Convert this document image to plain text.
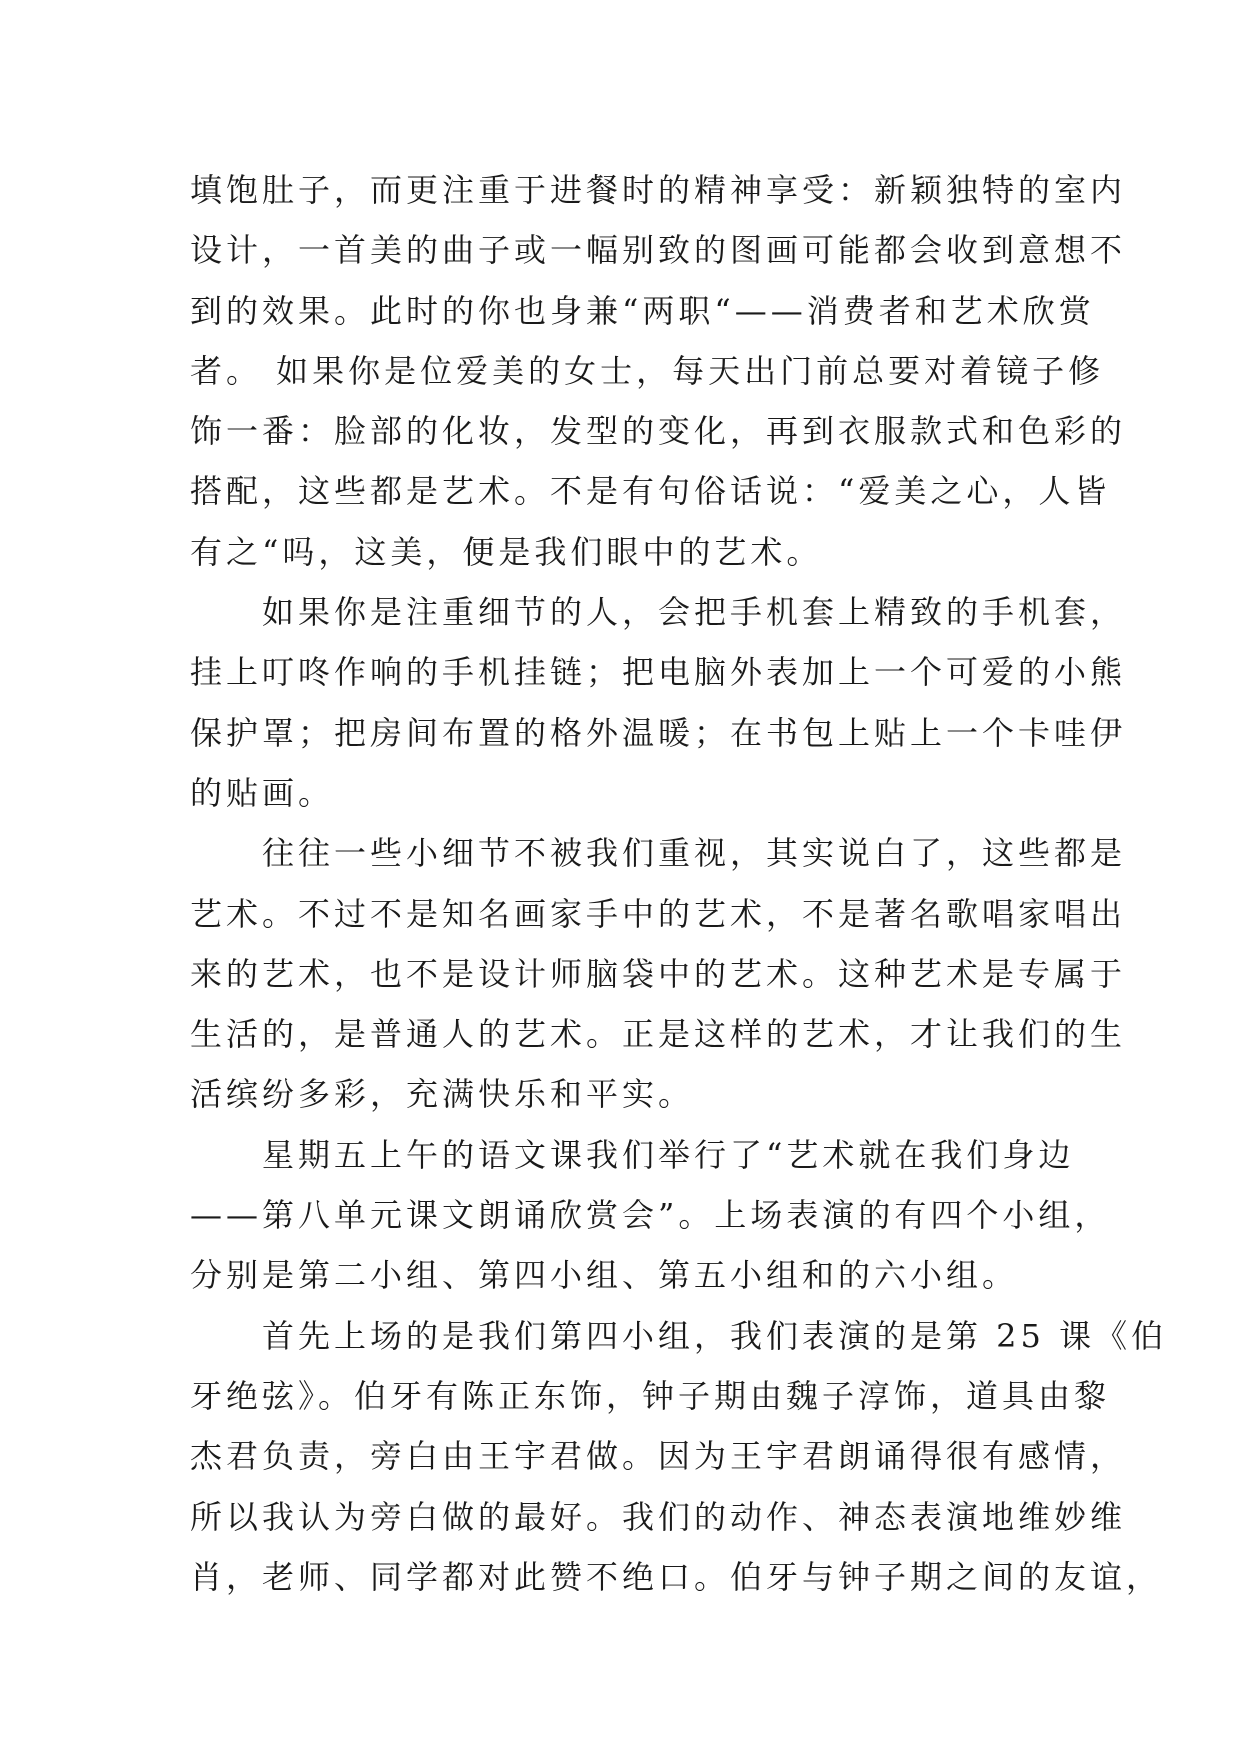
填饱肚子，而更注重于进餐时的精神享受：新颖独特的室内
设计，一首美的曲子或一幅别致的图画可能都会收到意想不
到的效果。此时的你也身兼“两职“——消费者和艺术欣赏
者。 如果你是位爱美的女士，每天出门前总要对着镜子修
饰一番：脸部的化妆，发型的变化，再到衣服款式和色彩的
搭配，这些都是艺术。不是有句俗话说：“爱美之心，人皆
有之“吗，这美，便是我们眼中的艺术。
如果你是注重细节的人，会把手机套上精致的手机套，
挂上叮咚作响的手机挂链；把电脑外表加上一个可爱的小熊
保护罩；把房间布置的格外温暖；在书包上贴上一个卡哇伊
的贴画。
往往一些小细节不被我们重视，其实说白了，这些都是
艺术。不过不是知名画家手中的艺术，不是著名歌唱家唱出
来的艺术，也不是设计师脑袋中的艺术。这种艺术是专属于
生活的，是普通人的艺术。正是这样的艺术，才让我们的生
活缤纷多彩，充满快乐和平实。
星期五上午的语文课我们举行了“艺术就在我们身边
——第八单元课文朗诵欣赏会”。上场表演的有四个小组，
分别是第二小组、第四小组、第五小组和的六小组。
首先上场的是我们第四小组，我们表演的是第 25 课《伯
牙绝弦》。伯牙有陈正东饰，钟子期由魏子淳饰，道具由黎
杰君负责，旁白由王宇君做。因为王宇君朗诵得很有感情，
所以我认为旁白做的最好。我们的动作、神态表演地维妙维
肖，老师、同学都对此赞不绝口。伯牙与钟子期之间的友谊，
